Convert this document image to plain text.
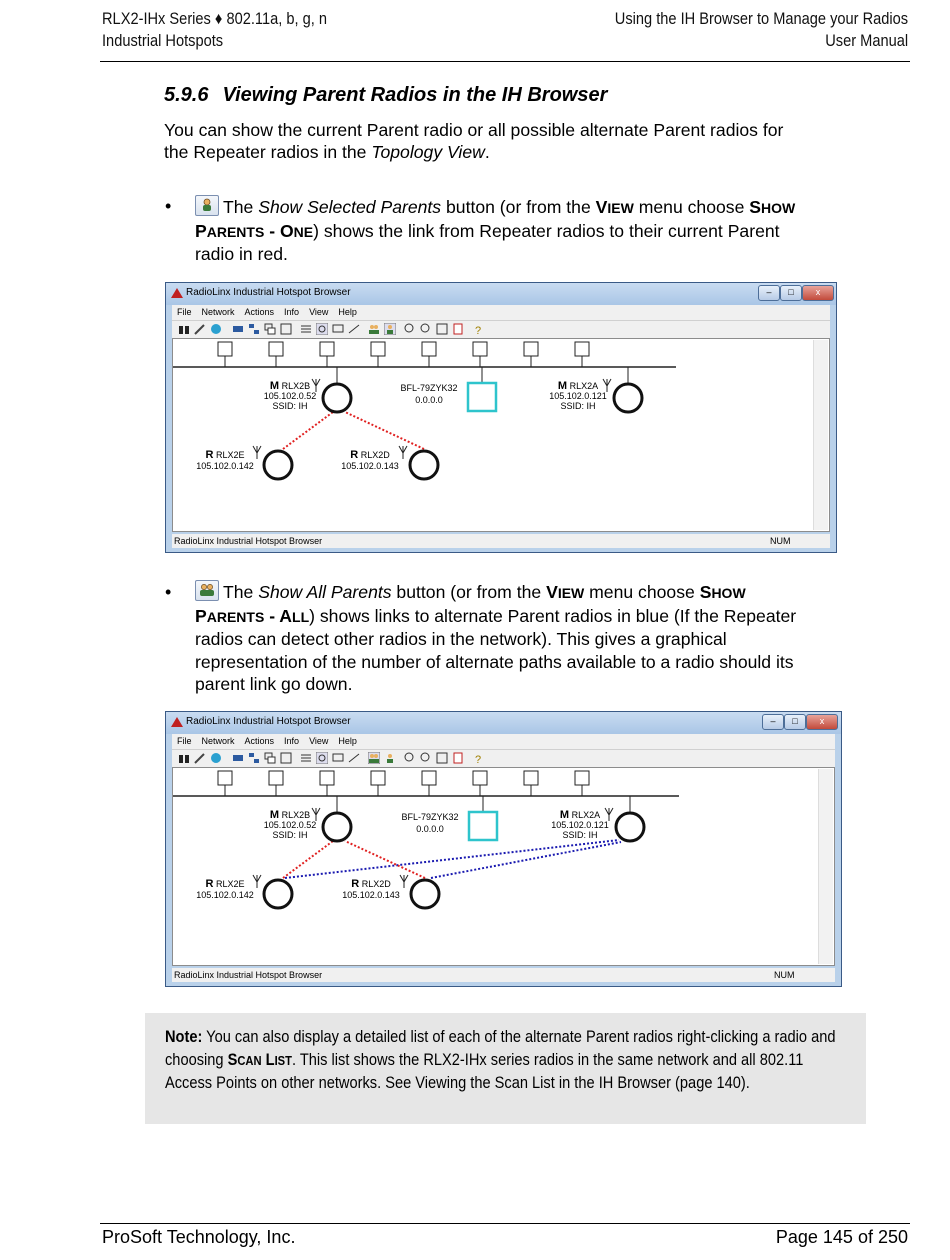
RLX2-IHx Series ♦ 802.11a, b, g, n
Industrial Hotspots
Using the IH Browser to Manage your Radios
User Manual
5.9.6 Viewing Parent Radios in the IH Browser
You can show the current Parent radio or all possible alternate Parent radios for
the Repeater radios in the Topology View.
•	The Show Selected Parents button (or from the VIEW menu choose SHOW
PARENTS - ONE) shows the link from Repeater radios to their current Parent
radio in red.
RadioLinx Industrial Hotspot Browser	–	□	x
File Network Actions Info View Help
?
M RLX2B
105.102.0.52
SSID: IH
M RLX2A
105.102.0.121
SSID: IH
BFL-79ZYK32
0.0.0.0
R RLX2E
105.102.0.142
R RLX2D
105.102.0.143
RadioLinx Industrial Hotspot Browser	NUM
•	The Show All Parents button (or from the VIEW menu choose SHOW
PARENTS - ALL) shows links to alternate Parent radios in blue (If the Repeater
radios can detect other radios in the network). This gives a graphical
representation of the number of alternate paths available to a radio should its
parent link go down.
RadioLinx Industrial Hotspot Browser	–	□	x
File Network Actions Info View Help
?
M RLX2B
105.102.0.52
SSID: IH
M RLX2A
105.102.0.121
SSID: IH
BFL-79ZYK32
0.0.0.0
R RLX2E
105.102.0.142
R RLX2D
105.102.0.143
RadioLinx Industrial Hotspot Browser	NUM

Note: You can also display a detailed list of each of the alternate Parent radios right-clicking a radio and choosing SCAN LIST. This list shows the RLX2-IHx series radios in the same network and all 802.11 Access Points on other networks. See Viewing the Scan List in the IH Browser (page 140).

ProSoft Technology, Inc.	Page 145 of 250
